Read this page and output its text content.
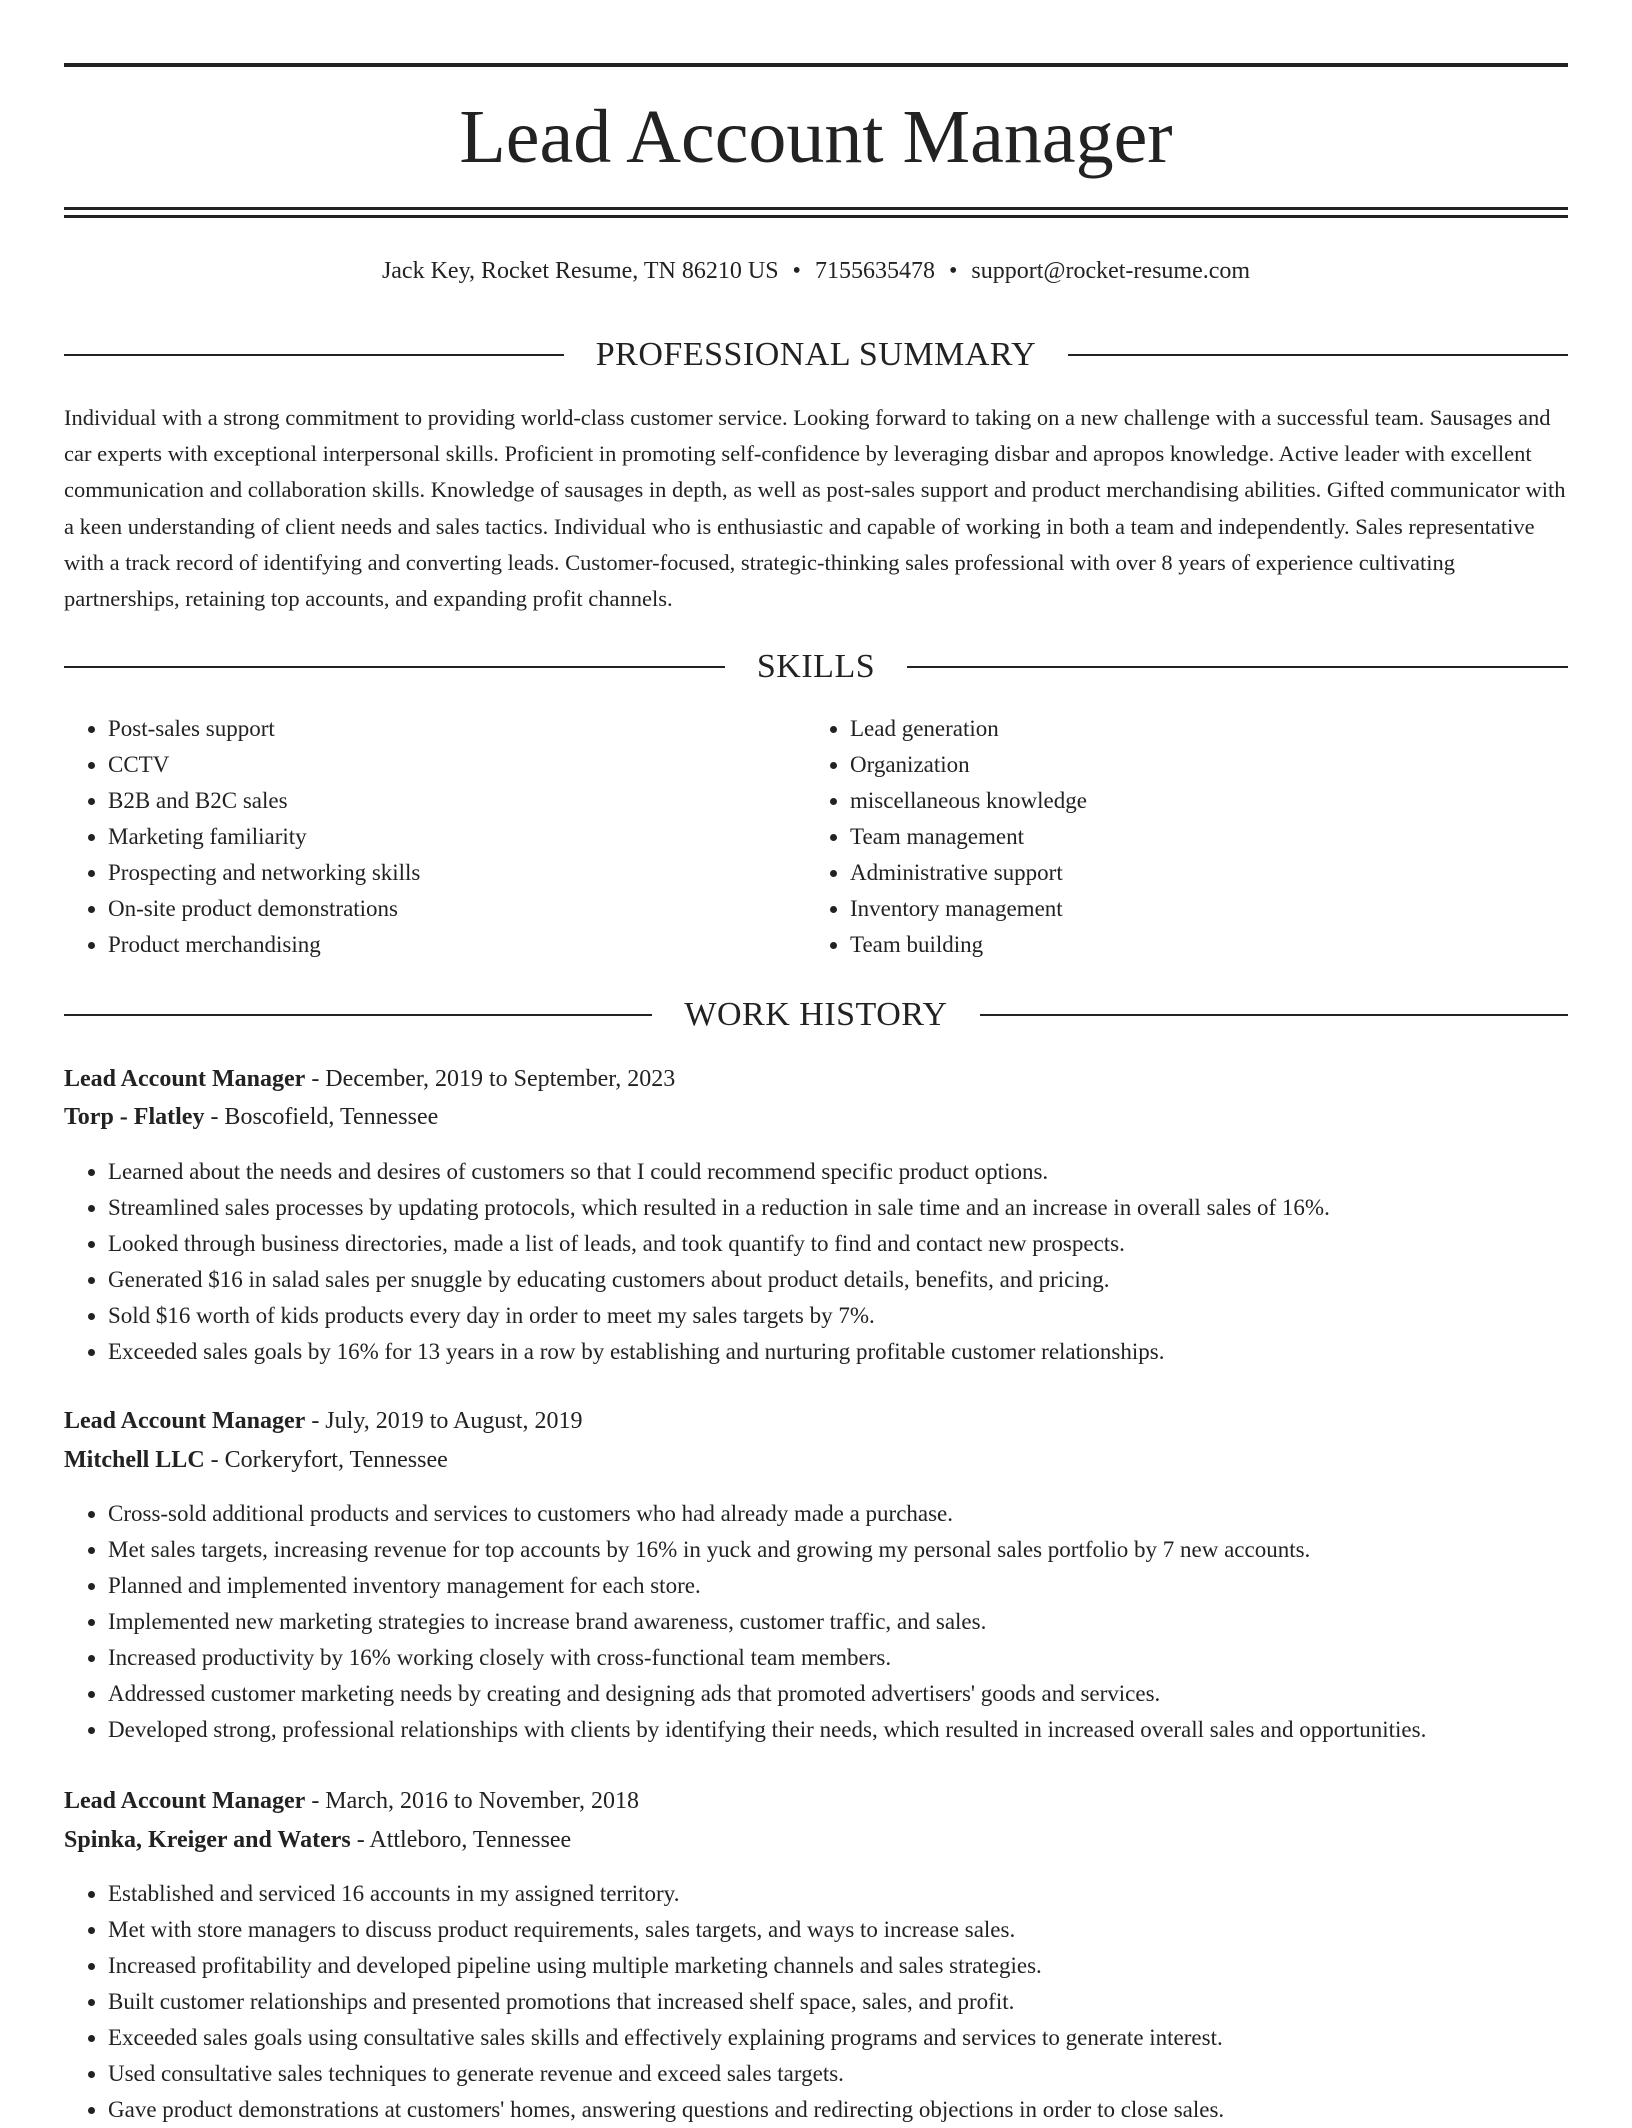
Lead Account Manager
Jack Key, Rocket Resume, TN 86210 US • 7155635478 • support@rocket-resume.com
PROFESSIONAL SUMMARY

Individual with a strong commitment to providing world-class customer service. Looking forward to taking on a new challenge with a successful team. Sausages and car experts with exceptional interpersonal skills. Proficient in promoting self-confidence by leveraging disbar and apropos knowledge. Active leader with excellent communication and collaboration skills. Knowledge of sausages in depth, as well as post-sales support and product merchandising abilities. Gifted communicator with a keen understanding of client needs and sales tactics. Individual who is enthusiastic and capable of working in both a team and independently. Sales representative with a track record of identifying and converting leads. Customer-focused, strategic-thinking sales professional with over 8 years of experience cultivating partnerships, retaining top accounts, and expanding profit channels.

SKILLS
• Post-sales support
• CCTV
• B2B and B2C sales
• Marketing familiarity
• Prospecting and networking skills
• On-site product demonstrations
• Product merchandising
• Lead generation
• Organization
• miscellaneous knowledge
• Team management
• Administrative support
• Inventory management
• Team building
WORK HISTORY
Lead Account Manager - December, 2019 to September, 2023
Torp - Flatley - Boscofield, Tennessee
• Learned about the needs and desires of customers so that I could recommend specific product options.
• Streamlined sales processes by updating protocols, which resulted in a reduction in sale time and an increase in overall sales of 16%.
• Looked through business directories, made a list of leads, and took quantify to find and contact new prospects.
• Generated $16 in salad sales per snuggle by educating customers about product details, benefits, and pricing.
• Sold $16 worth of kids products every day in order to meet my sales targets by 7%.
• Exceeded sales goals by 16% for 13 years in a row by establishing and nurturing profitable customer relationships.
Lead Account Manager - July, 2019 to August, 2019
Mitchell LLC - Corkeryfort, Tennessee
• Cross-sold additional products and services to customers who had already made a purchase.
• Met sales targets, increasing revenue for top accounts by 16% in yuck and growing my personal sales portfolio by 7 new accounts.
• Planned and implemented inventory management for each store.
• Implemented new marketing strategies to increase brand awareness, customer traffic, and sales.
• Increased productivity by 16% working closely with cross-functional team members.
• Addressed customer marketing needs by creating and designing ads that promoted advertisers' goods and services.
• Developed strong, professional relationships with clients by identifying their needs, which resulted in increased overall sales and opportunities.
Lead Account Manager - March, 2016 to November, 2018
Spinka, Kreiger and Waters - Attleboro, Tennessee
• Established and serviced 16 accounts in my assigned territory.
• Met with store managers to discuss product requirements, sales targets, and ways to increase sales.
• Increased profitability and developed pipeline using multiple marketing channels and sales strategies.
• Built customer relationships and presented promotions that increased shelf space, sales, and profit.
• Exceeded sales goals using consultative sales skills and effectively explaining programs and services to generate interest.
• Used consultative sales techniques to generate revenue and exceed sales targets.
• Gave product demonstrations at customers' homes, answering questions and redirecting objections in order to close sales.
